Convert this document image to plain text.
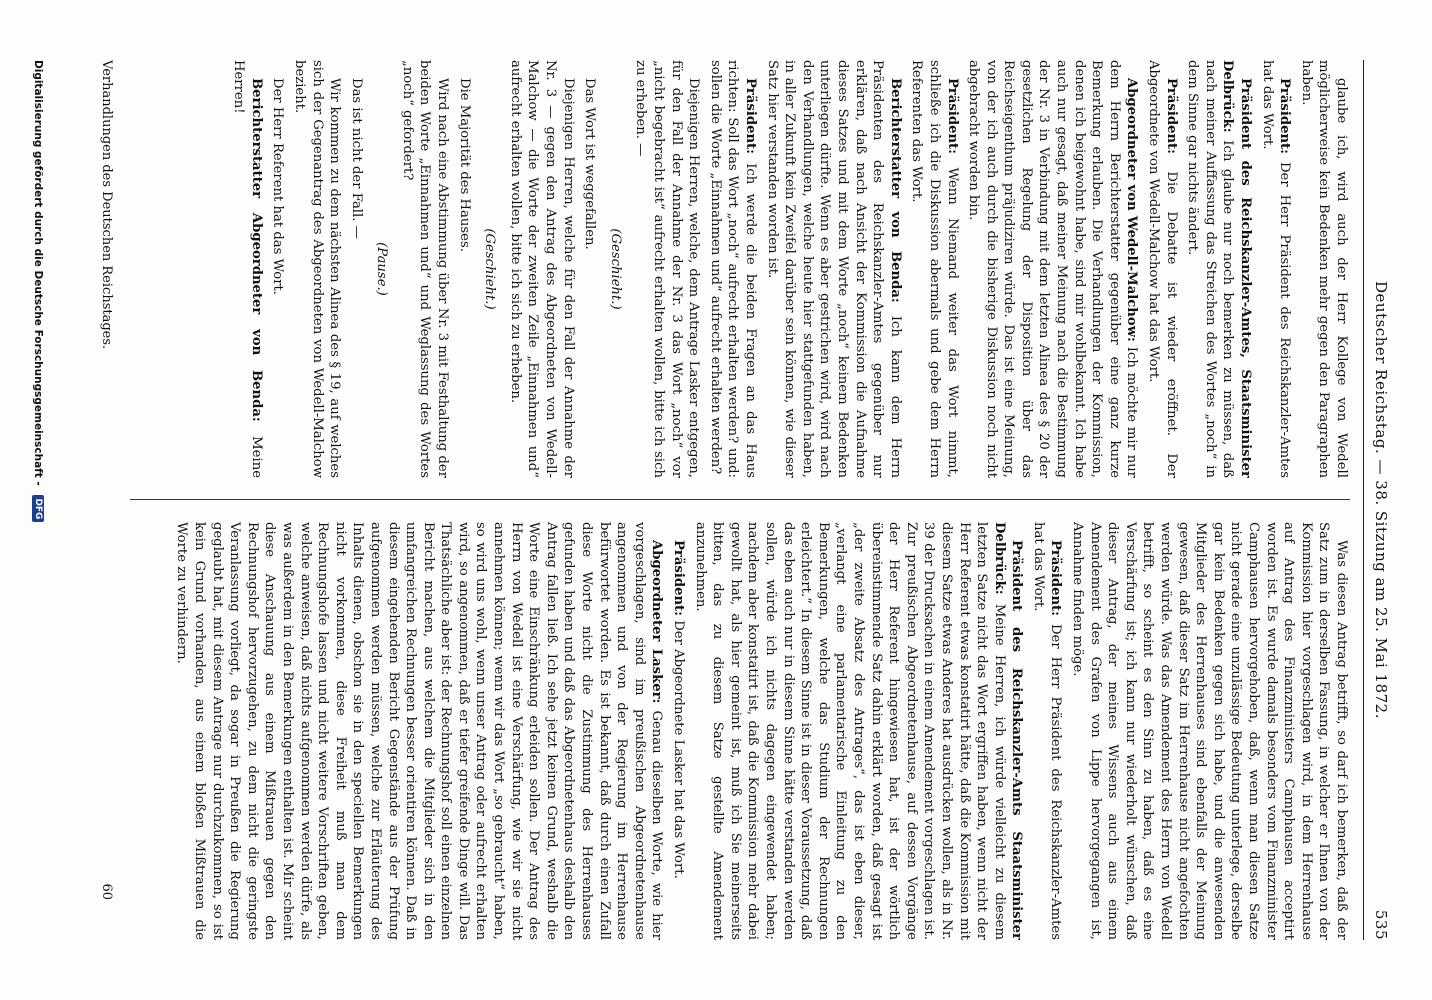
Deutscher Reichstag. — 38. Sitzung am 25. Mai 1872.
535

glaube ich, wird auch der Herr Kollege von Wedell möglicherweise kein Bedenken mehr gegen den Paragraphen haben.

Präsident: Der Herr Präsident des Reichskanzler-Amtes hat das Wort.

Präsident des Reichskanzler-Amtes, Staatsminister Delbrück: Ich glaube nur noch bemerken zu müssen, daß nach meiner Auffassung das Streichen des Wortes „noch“ in dem Sinne gar nichts ändert.

Präsident: Die Debatte ist wieder eröffnet. Der Abgeordnete von Wedell-Malchow hat das Wort.

Abgeordneter von Wedell-Malchow: Ich möchte mir nur dem Herrn Berichterstatter gegenüber eine ganz kurze Bemerkung erlauben. Die Verhandlungen der Kommission, denen ich beigewohnt habe, sind mir wohlbekannt. Ich habe auch nur gesagt, daß meiner Meinung nach die Bestimmung der Nr. 3 in Verbindung mit dem letzten Alinea des § 20 der gesetzlichen Regelung der Disposition über das Reichseigenthum präjudiziren würde. Das ist eine Meinung, von der ich auch durch die bisherige Diskussion noch nicht abgebracht worden bin.

Präsident: Wenn Niemand weiter das Wort nimmt, schließe ich die Diskussion abermals und gebe dem Herrn Referenten das Wort.

Berichterstatter von Benda: Ich kann dem Herrn Präsidenten des Reichskanzler-Amtes gegenüber nur erklären, daß nach Ansicht der Kommission die Aufnahme dieses Satzes und mit dem Worte „noch“ keinem Bedenken unterliegen dürfte. Wenn es aber gestrichen wird, wird nach den Verhandlungen, welche heute hier stattgefunden haben, in aller Zukunft kein Zweifel darüber sein können, wie dieser Satz hier verstanden worden ist.

Präsident: Ich werde die beiden Fragen an das Haus richten: Soll das Wort „noch“ aufrecht erhalten werden? und: sollen die Worte „Einnahmen und“ aufrecht erhalten werden?

Diejenigen Herren, welche, dem Antrage Lasker entgegen, für den Fall der Annahme der Nr. 3 das Wort „noch“ vor „nicht begebracht ist“ aufrecht erhalten wollen, bitte ich sich zu erheben. —

(Geschieht.)

Das Wort ist weggefallen.

Diejenigen Herren, welche für den Fall der Annahme der Nr. 3 — gegen den Antrag des Abgeordneten von Wedell-Malchow — die Worte der zweiten Zeile „Einnahmen und“ aufrecht erhalten wollen, bitte ich sich zu erheben.

(Geschieht.)

Die Majorität des Hauses.

Wird nach eine Abstimmung über Nr. 3 mit Festhaltung der beiden Worte „Einnahmen und“ und Weglassung des Wortes „noch“ gefordert?

(Pause.)

Das ist nicht der Fall. —

Wir kommen zu dem nächsten Alinea des § 19, auf welches sich der Gegenantrag des Abgeordneten von Wedell-Malchow bezieht.

Der Herr Referent hat das Wort.

Berichterstatter Abgeordneter von Benda: Meine Herren!

Was diesen Antrag betrifft, so darf ich bemerken, daß der Satz zum in derselben Fassung, in welcher er Ihnen von der Kommission hier vorgeschlagen wird, in dem Herrenhause auf Antrag des Finanzministers Camphausen acceptirt worden ist. Es wurde damals besonders vom Finanzminister Camphausen hervorgehoben, daß, wenn man diesen Satze nicht gerade eine unzulässige Bedeutung unterlege, derselbe gar kein Bedenken gegen sich habe, und die anwesenden Mitglieder des Herrenhauses sind ebenfalls der Meinung gewesen, daß dieser Satz im Herrenhause nicht angefochten werden würde. Was das Amendement des Herrn von Wedell betrifft, so scheint es den Sinn zu haben, daß es eine Verschärfung ist; ich kann nur wiederholt wünschen, daß dieser Antrag, der meines Wissens auch aus einem Amendement des Grafen von Lippe hervorgegangen ist, Annahme finden möge.

Präsident: Der Herr Präsident des Reichskanzler-Amtes hat das Wort.

Präsident des Reichskanzler-Amts Staatsminister Delbrück: Meine Herren, ich würde vielleicht zu diesem letzten Satze nicht das Wort ergriffen haben, wenn nicht der Herr Referent etwas konstatirt hätte, daß die Kommission mit diesem Satze etwas Anderes hat ausdrücken wollen, als in Nr. 39 der Drucksachen in einem Amendement vorgeschlagen ist. Zur preußischen Abgeordnetenhause, auf dessen Vorgänge der Herr Referent hingewiesen hat, ist der wörtlich übereinstimmende Satz dahin erklärt worden, daß gesagt ist „der zweite Absatz des Antrages“, das ist eben dieser, „verlangt eine parlamentarische Einleitung zu den Bemerkungen, welche das Studium der Rechnungen erleichtert.“ In diesem Sinne ist in dieser Voraussetzung, daß das eben auch nur in diesem Sinne hätte verstanden werden sollen, würde ich nichts dagegen eingewendet haben; nachdem aber konstatirt ist, daß die Kommission mehr dabei gewollt hat, als hier gemeint ist, muß ich Sie meinerseits bitten, das zu diesem Satze gestellte Amendement anzunehmen.

Präsident: Der Abgeordnete Lasker hat das Wort.

Abgeordneter Lasker: Genau dieselben Worte, wie hier vorgeschlagen, sind im preußischen Abgeordnetenhause angenommen und von der Regierung im Herrenhause befürwortet worden. Es ist bekannt, daß durch einen Zufall diese Worte nicht die Zustimmung des Herrenhauses gefunden haben und daß das Abgeordnetenhaus deshalb den Antrag fallen ließ. Ich sehe jetzt keinen Grund, weshalb die Worte eine Einschränkung erleiden sollen. Der Antrag des Herrn von Wedell ist eine Verschärfung, wie wir sie nicht annehmen können; wenn wir das Wort „so gebraucht“ haben, so wird uns wohl, wenn unser Antrag oder aufrecht erhalten wird, so angenommen, daß er tiefer greifende Dinge will. Das Thatsächliche aber ist: der Rechnungshof soll einen einzelnen Bericht machen, aus welchem die Mitglieder sich in den umfangreichen Rechnungen besser orientiren können. Daß in diesem eingehenden Bericht Gegenstände aus der Prüfung aufgenommen werden müssen, welche zur Erläuterung des Inhalts dienen, obschon sie in den speciellen Bemerkungen nicht vorkommen, diese Freiheit muß man dem Rechnungshofe lassen und nicht weitere Vorschriften geben, welche anweisen, daß nichts aufgenommen werden dürfe, als was außerdem in den Bemerkungen enthalten ist. Mir scheint diese Anschauung aus einem Mißtrauen gegen den Rechnungshof hervorzugehen, zu dem nicht die geringste Veranlassung vorliegt, da sogar in Preußen die Regierung geglaubt hat, mit diesem Antrage nur durchzukommen, so ist kein Grund vorhanden, aus einem bloßen Mißtrauen die Worte zu verhindern.

Verhandlungen des Deutschen Reichstages.
60
Digitalisierung gefördert durch die Deutsche Forschungsgemeinschaft - DFG
